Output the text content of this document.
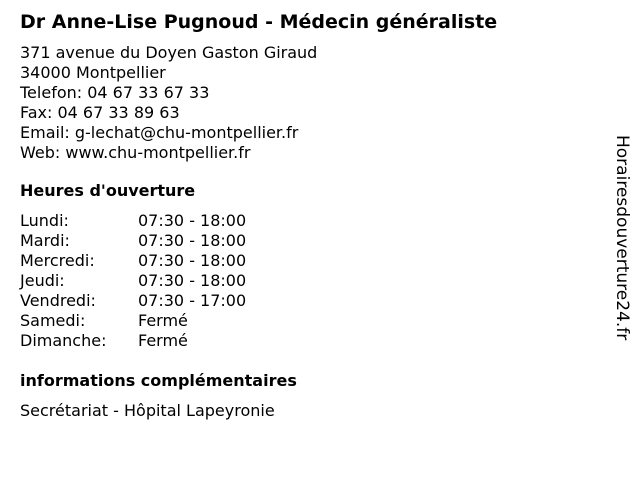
Dr Anne-Lise Pugnoud - Médecin généraliste
371 avenue du Doyen Gaston Giraud
34000 Montpellier
Telefon: 04 67 33 67 33
Fax: 04 67 33 89 63
Email: g-lechat@chu-montpellier.fr
Web: www.chu-montpellier.fr
Heures d'ouverture
Lundi:	07:30 - 18:00
Mardi:	07:30 - 18:00
Mercredi:	07:30 - 18:00
Jeudi:	07:30 - 18:00
Vendredi:	07:30 - 17:00
Samedi:	Fermé
Dimanche:	Fermé
informations complémentaires
Secrétariat - Hôpital Lapeyronie
Horairesdouverture24.fr
